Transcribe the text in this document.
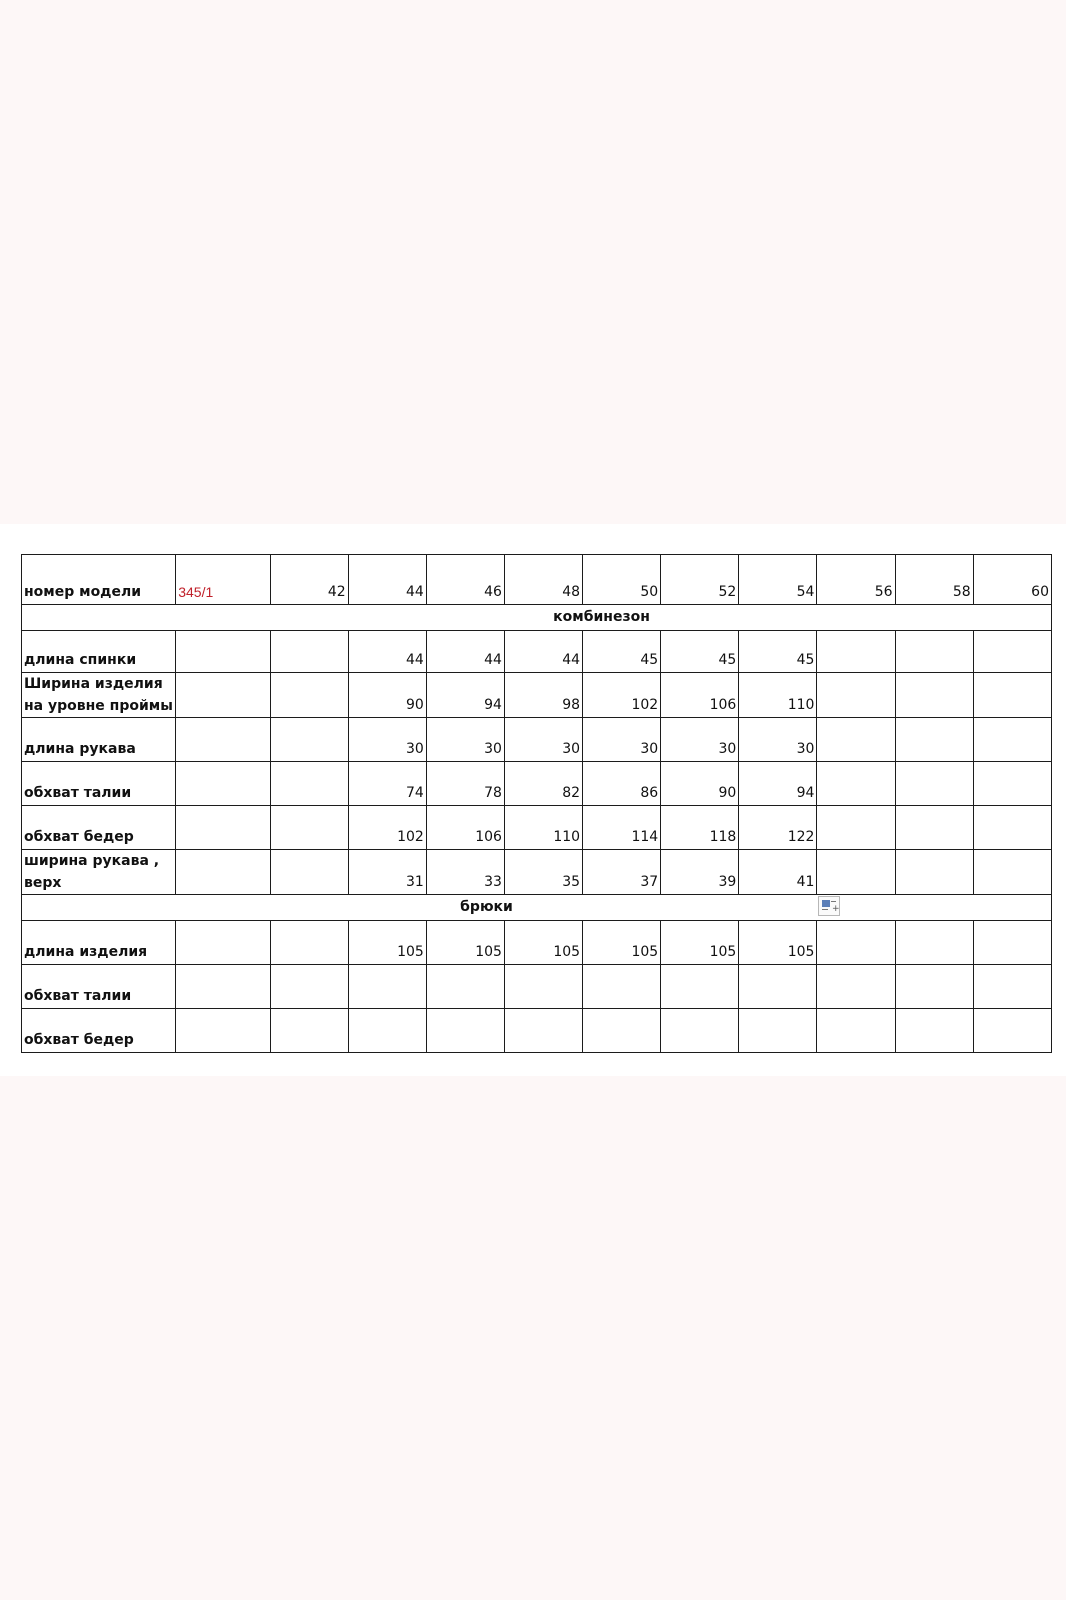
номер модели	345/1	42	44	46	48	50	52	54	56	58	60
комбинезон											
длина спинки			44	44	44	45	45	45			

Ширина изделия
на уровне проймы			90	94	98	102	106	110			
длина рукава			30	30	30	30	30	30			
обхват талии			74	78	82	86	90	94			
обхват бедер			102	106	110	114	118	122			

ширина рукава ,
верх			31	33	35	37	39	41			
брюки											
длина изделия			105	105	105	105	105	105			
обхват талии											
обхват бедер											
+
